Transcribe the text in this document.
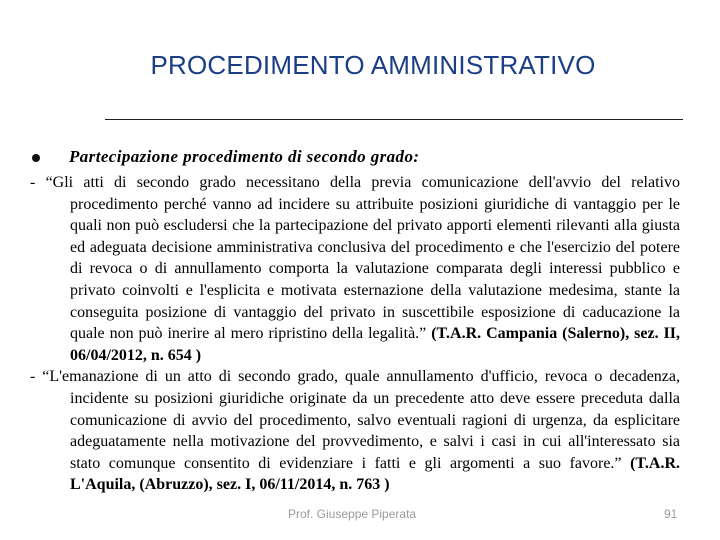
PROCEDIMENTO AMMINISTRATIVO
Partecipazione procedimento di secondo grado:

- “Gli atti di secondo grado necessitano della previa comunicazione dell'avvio del relativo procedimento perché vanno ad incidere su attribuite posizioni giuridiche di vantaggio per le quali non può escludersi che la partecipazione del privato apporti elementi rilevanti alla giusta ed adeguata decisione amministrativa conclusiva del procedimento e che l'esercizio del potere di revoca o di annullamento comporta la valutazione comparata degli interessi pubblico e privato coinvolti e l'esplicita e motivata esternazione della valutazione medesima, stante la conseguita posizione di vantaggio del privato in suscettibile esposizione di caducazione la quale non può inerire al mero ripristino della legalità.” (T.A.R. Campania (Salerno), sez. II, 06/04/2012, n. 654 )

- “L'emanazione di un atto di secondo grado, quale annullamento d'ufficio, revoca o decadenza, incidente su posizioni giuridiche originate da un precedente atto deve essere preceduta dalla comunicazione di avvio del procedimento, salvo eventuali ragioni di urgenza, da esplicitare adeguatamente nella motivazione del provvedimento, e salvi i casi in cui all'interessato sia stato comunque consentito di evidenziare i fatti e gli argomenti a suo favore.” (T.A.R. L'Aquila, (Abruzzo), sez. I, 06/11/2014, n. 763 )

Prof. Giuseppe Piperata	91
